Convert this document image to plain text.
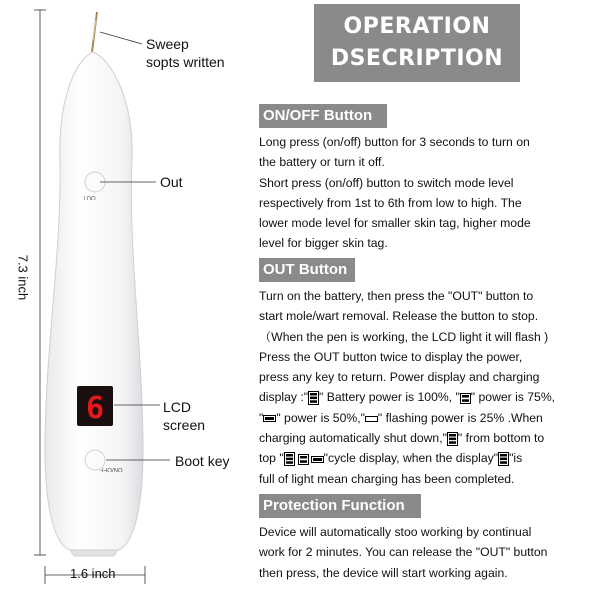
6
OUT
ON/OFF
Sweep
sopts written
Out
LCD
screen
Boot key
7.3 inch
1.6 inch
OPERATION
DSECRIPTION
ON/OFF Button
Long press (on/off) button for 3 seconds to turn on
the battery or turn it off.
Short press (on/off) button to switch mode level
respectively from 1st to 6th from low to high. The
lower mode level for smaller skin tag, higher mode
level for bigger skin tag.
OUT Button
Turn on the battery, then press the "OUT" button to
start mole/wart removal. Release the button to stop.
（When the pen is working, the LCD light it will flash )
Press the OUT button twice to display the power,
press any key to return. Power display and charging
display :" " Battery power is 100%, " " power is 75%,
" " power is 50%," " flashing power is 25% .When
charging automatically shut down," " from bottom to
top "	"cycle display, when the display" "is
full of light mean charging has been completed.
Protection Function
Device will automatically stoo working by continual
work for 2 minutes. You can release the "OUT" button
then press, the device will start working again.
